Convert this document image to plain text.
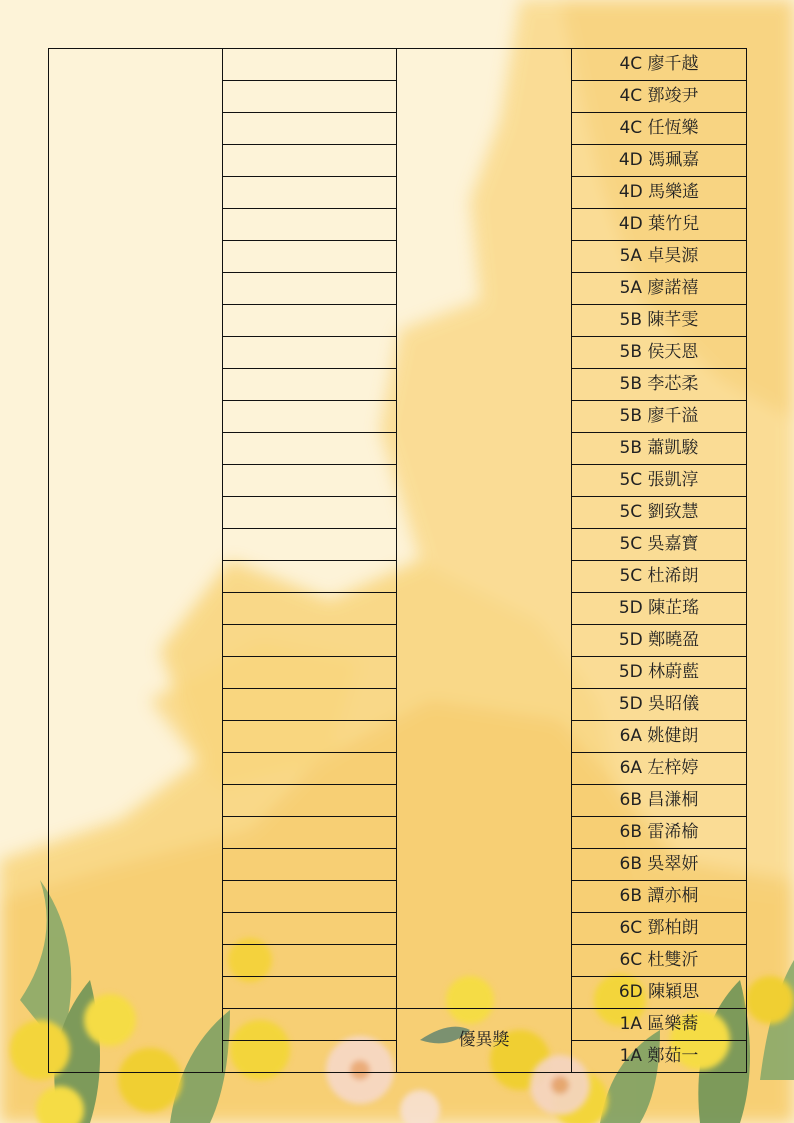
			4C 廖千越
			4C 鄧竣尹
			4C 任恆樂
			4D 馮珮嘉
			4D 馬樂遙
			4D 葉竹兒
			5A 卓昊源
			5A 廖諾禧
			5B 陳芊雯
			5B 侯天恩
			5B 李芯柔
			5B 廖千溢
			5B 蕭凱駿
			5C 張凱淳
			5C 劉致慧
			5C 吳嘉寶
			5C 杜浠朗
			5D 陳芷瑤
			5D 鄭曉盈
			5D 林蔚藍
			5D 吳昭儀
			6A 姚健朗
			6A 左梓婷
			6B 昌溓桐
			6B 雷浠榆
			6B 吳翠妍
			6B 譚亦桐
			6C 鄧柏朗
			6C 杜雙沂
			6D 陳穎思
		優異獎	1A 區樂蕎
			1A 鄭茹一
